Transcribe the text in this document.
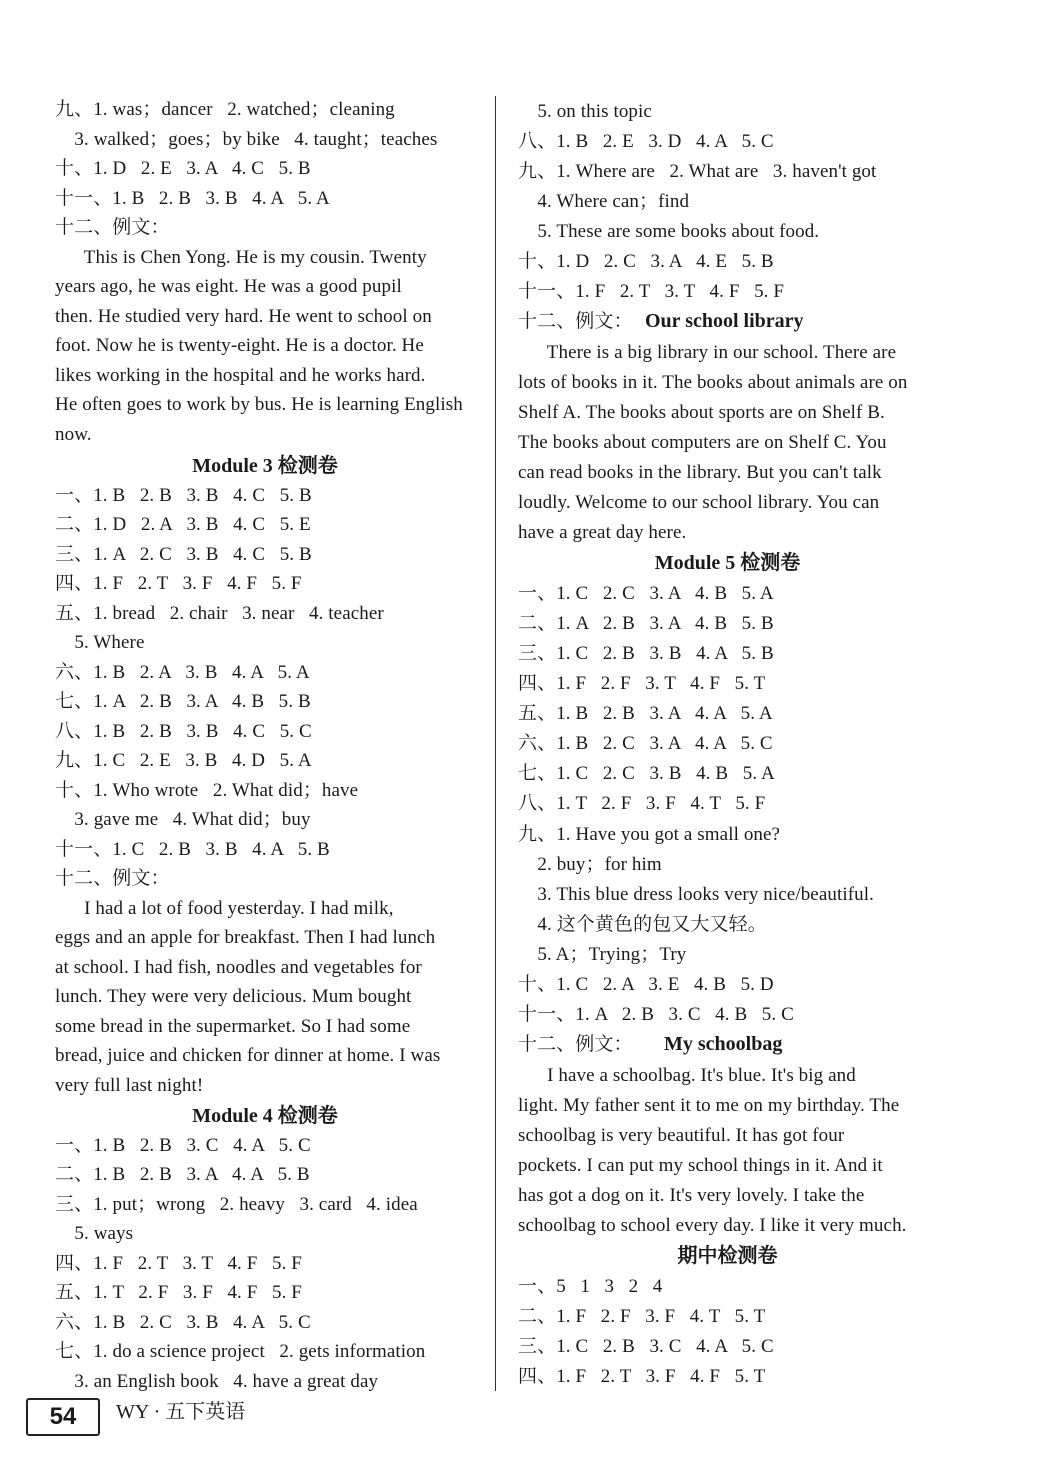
九、1. was；dancer   2. watched；cleaning
3. walked；goes；by bike   4. taught；teaches
十、1. D   2. E   3. A   4. C   5. B
十一、1. B   2. B   3. B   4. A   5. A
十二、例文：
This is Chen Yong. He is my cousin. Twenty
years ago, he was eight. He was a good pupil
then. He studied very hard. He went to school on
foot. Now he is twenty-eight. He is a doctor. He
likes working in the hospital and he works hard.
He often goes to work by bus. He is learning English
now.
Module 3 检测卷
一、1. B   2. B   3. B   4. C   5. B
二、1. D   2. A   3. B   4. C   5. E
三、1. A   2. C   3. B   4. C   5. B
四、1. F   2. T   3. F   4. F   5. F
五、1. bread   2. chair   3. near   4. teacher
5. Where
六、1. B   2. A   3. B   4. A   5. A
七、1. A   2. B   3. A   4. B   5. B
八、1. B   2. B   3. B   4. C   5. C
九、1. C   2. E   3. B   4. D   5. A
十、1. Who wrote   2. What did；have
3. gave me   4. What did；buy
十一、1. C   2. B   3. B   4. A   5. B
十二、例文：
I had a lot of food yesterday. I had milk,
eggs and an apple for breakfast. Then I had lunch
at school. I had fish, noodles and vegetables for
lunch. They were very delicious. Mum bought
some bread in the supermarket. So I had some
bread, juice and chicken for dinner at home. I was
very full last night!
Module 4 检测卷
一、1. B   2. B   3. C   4. A   5. C
二、1. B   2. B   3. A   4. A   5. B
三、1. put；wrong   2. heavy   3. card   4. idea
5. ways
四、1. F   2. T   3. T   4. F   5. F
五、1. T   2. F   3. F   4. F   5. F
六、1. B   2. C   3. B   4. A   5. C
七、1. do a science project   2. gets information
3. an English book   4. have a great day
5. on this topic
八、1. B   2. E   3. D   4. A   5. C
九、1. Where are   2. What are   3. haven't got
4. Where can；find
5. These are some books about food.
十、1. D   2. C   3. A   4. E   5. B
十一、1. F   2. T   3. T   4. F   5. F
十二、例文： Our school library
There is a big library in our school. There are
lots of books in it. The books about animals are on
Shelf A. The books about sports are on Shelf B.
The books about computers are on Shelf C. You
can read books in the library. But you can't talk
loudly. Welcome to our school library. You can
have a great day here.
Module 5 检测卷
一、1. C   2. C   3. A   4. B   5. A
二、1. A   2. B   3. A   4. B   5. B
三、1. C   2. B   3. B   4. A   5. B
四、1. F   2. F   3. T   4. F   5. T
五、1. B   2. B   3. A   4. A   5. A
六、1. B   2. C   3. A   4. A   5. C
七、1. C   2. C   3. B   4. B   5. A
八、1. T   2. F   3. F   4. T   5. F
九、1. Have you got a small one?
2. buy；for him
3. This blue dress looks very nice/beautiful.
4. 这个黄色的包又大又轻。
5. A；Trying；Try
十、1. C   2. A   3. E   4. B   5. D
十一、1. A   2. B   3. C   4. B   5. C
十二、例文： My schoolbag
I have a schoolbag. It's blue. It's big and
light. My father sent it to me on my birthday. The
schoolbag is very beautiful. It has got four
pockets. I can put my school things in it. And it
has got a dog on it. It's very lovely. I take the
schoolbag to school every day. I like it very much.
期中检测卷
一、5   1   3   2   4
二、1. F   2. F   3. F   4. T   5. T
三、1. C   2. B   3. C   4. A   5. C
四、1. F   2. T   3. F   4. F   5. T
54	WY · 五下英语
